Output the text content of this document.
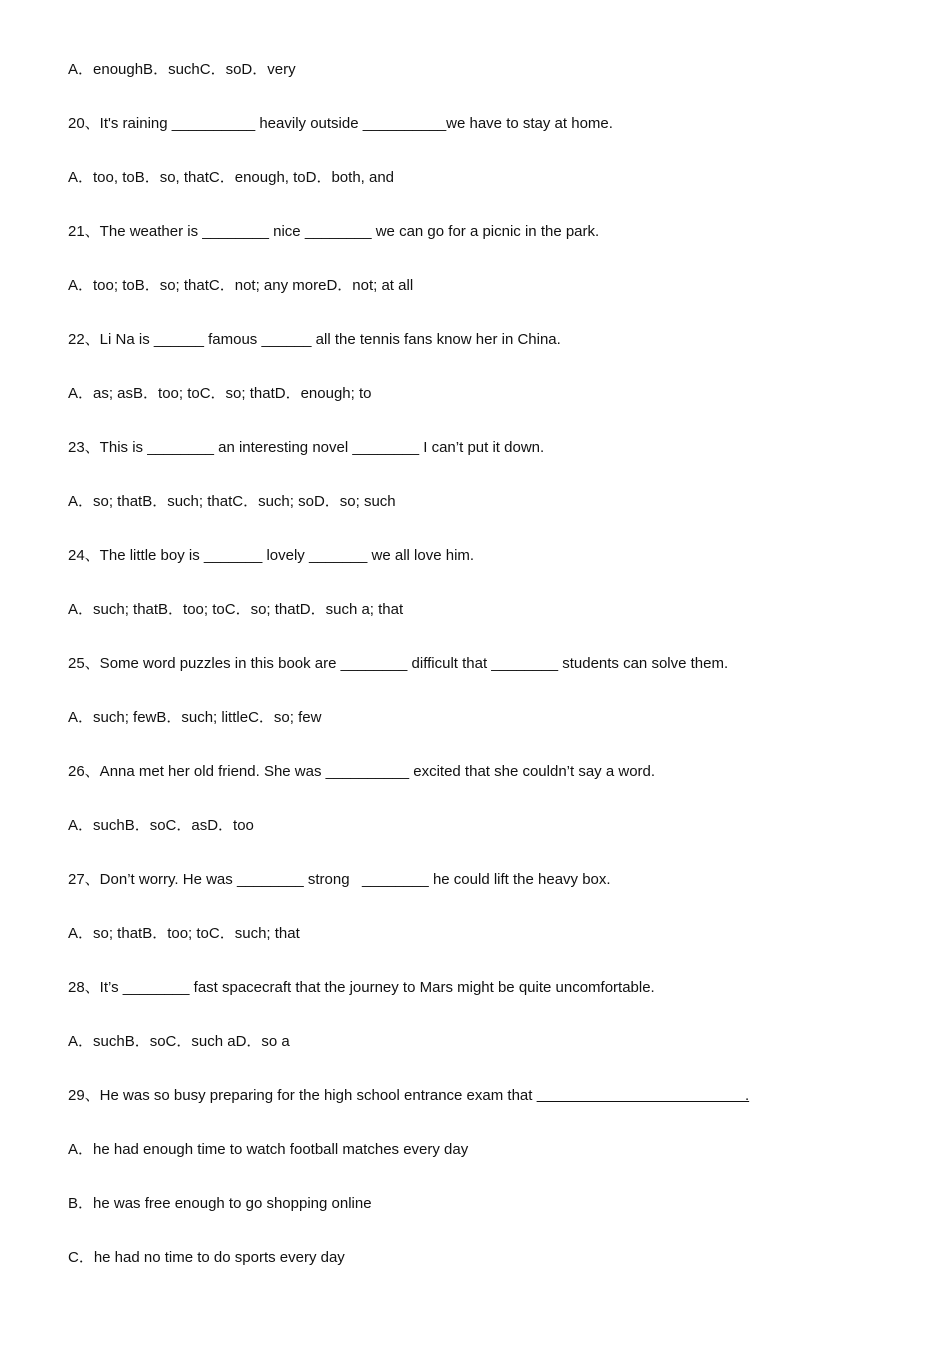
A．enoughB．suchC．soD．very
20、It's raining __________ heavily outside __________we have to stay at home.
A．too, toB．so, thatC．enough, toD．both, and
21、The weather is ________ nice ________ we can go for a picnic in the park.
A．too; toB．so; thatC．not; any moreD．not; at all
22、Li Na is ______ famous ______ all the tennis fans know her in China.
A．as; asB．too; toC．so; thatD．enough; to
23、This is ________ an interesting novel ________ I can’t put it down.
A．so; thatB．such; thatC．such; soD．so; such
24、The little boy is _______ lovely _______ we all love him.
A．such; thatB．too; toC．so; thatD．such a; that
25、Some word puzzles in this book are ________ difficult that ________ students can solve them.
A．such; fewB．such; littleC．so; few
26、Anna met her old friend. She was __________ excited that she couldn’t say a word.
A．suchB．soC．asD．too
27、Don’t worry. He was ________ strong   ________ he could lift the heavy box.
A．so; thatB．too; toC．such; that
28、It’s ________ fast spacecraft that the journey to Mars might be quite uncomfortable.
A．suchB．soC．such aD．so a
29、He was so busy preparing for the high school entrance exam that                                                   .
A．he had enough time to watch football matches every day
B．he was free enough to go shopping online
C．he had no time to do sports every day
